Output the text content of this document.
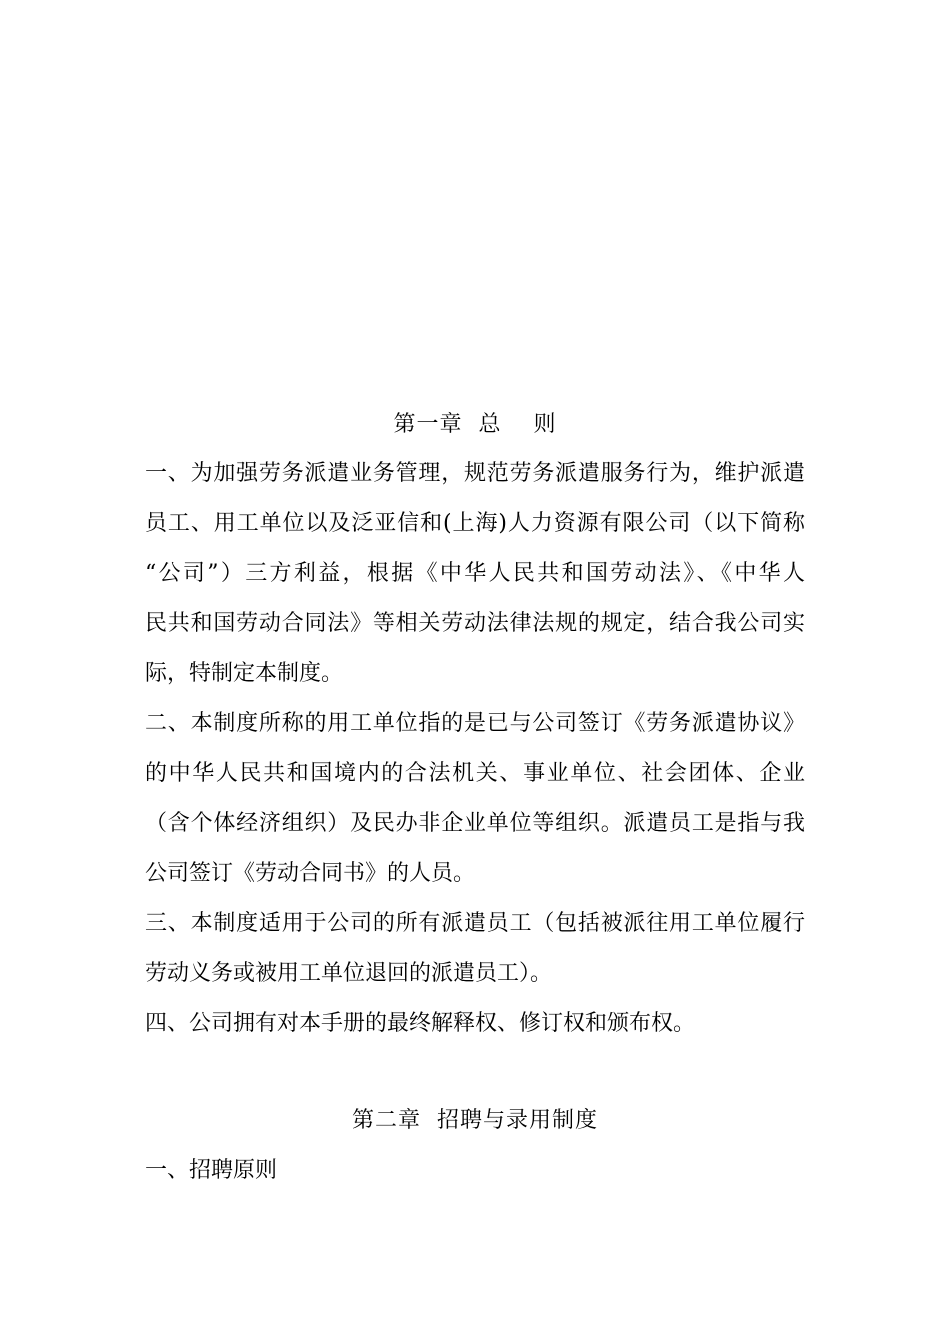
第一章  总    则
一、为加强劳务派遣业务管理，规范劳务派遣服务行为，维护派遣
员工、用工单位以及泛亚信和(上海)人力资源有限公司（以下简称
“公司”）三方利益，根据《中华人民共和国劳动法》、《中华人
民共和国劳动合同法》等相关劳动法律法规的规定，结合我公司实
际，特制定本制度。
二、本制度所称的用工单位指的是已与公司签订《劳务派遣协议》
的中华人民共和国境内的合法机关、事业单位、社会团体、企业
（含个体经济组织）及民办非企业单位等组织。派遣员工是指与我
公司签订《劳动合同书》的人员。
三、本制度适用于公司的所有派遣员工（包括被派往用工单位履行
劳动义务或被用工单位退回的派遣员工）。
四、公司拥有对本手册的最终解释权、修订权和颁布权。
第二章  招聘与录用制度
一、招聘原则
